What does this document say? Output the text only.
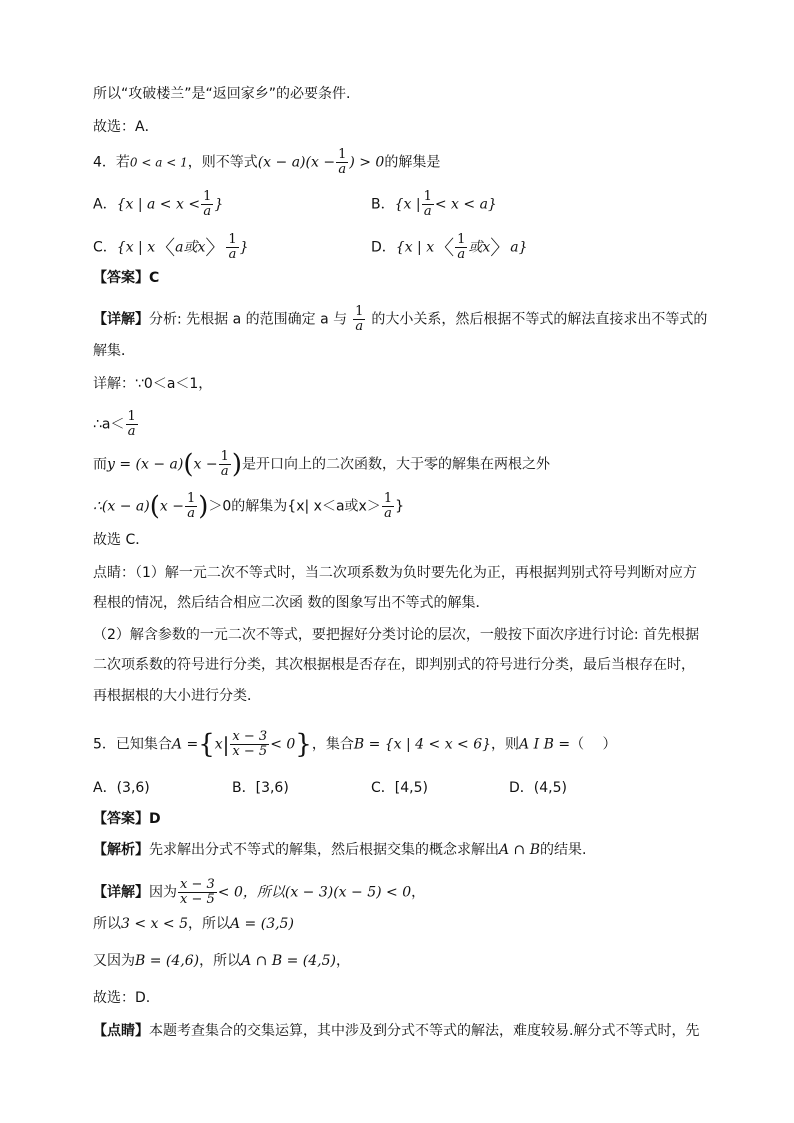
所以“攻破楼兰”是“返回家乡”的必要条件.
故选：A．
4．若0 < a < 1，则不等式$(x - a)(x - \frac{1}{a}$ ) > 0的解集是
A．{x | $a < x < \frac{1}{a}$ }	B．{x | $\frac{1}{a} < x < a$}
C．{x | x〈a或x〉 $\frac{1}{a}$ }	D．{x | x〈 $\frac{1}{a}$ 或x〉a}
【答案】C
【详解】分析: 先根据 a 的范围确定 a 与 $\frac{1}{a}$ 的大小关系，然后根据不等式的解法直接求出不等式的
解集．
详解：∵0＜a＜1，
∴a＜ $\frac{1}{a}$
而$y = (x - a)(x - \frac{1}{a}$ )是开口向上的二次函数，大于零的解集在两根之外
∴(x − $a)(x - \frac{1}{a} )>0$的解集为{x| x＜a或$x> \frac{1}{a}$ }
故选 C．
点睛：（1）解一元二次不等式时，当二次项系数为负时要先化为正，再根据判别式符号判断对应方
程根的情况，然后结合相应二次函 数的图象写出不等式的解集．
（2）解含参数的一元二次不等式，要把握好分类讨论的层次，一般按下面次序进行讨论: 首先根据
二次项系数的符号进行分类，其次根据根是否存在，即判别式的符号进行分类，最后当根存在时，
再根据根的大小进行分类．
5．已知集合$A =\{x| \frac{x - 3}{x - 5} < 0\}$，集合B = {x | 4 < x < 6}，则A I B =（　 ）
A．(3,6)	B．[3,6)	C．[4,5)	D．(4,5)
【答案】D
【解析】先求解出分式不等式的解集，然后根据交集的概念求解出A ∩ B的结果.
【详解】因为 $\frac{x - 3}{x - 5} < 0$，所以(x − 3)(x − 5) < 0，
所以3 < x < 5，所以A = (3,5)
又因为B = (4,6)，所以A ∩ B = (4,5)，
故选：D.
【点睛】本题考查集合的交集运算，其中涉及到分式不等式的解法，难度较易.解分式不等式时，先
